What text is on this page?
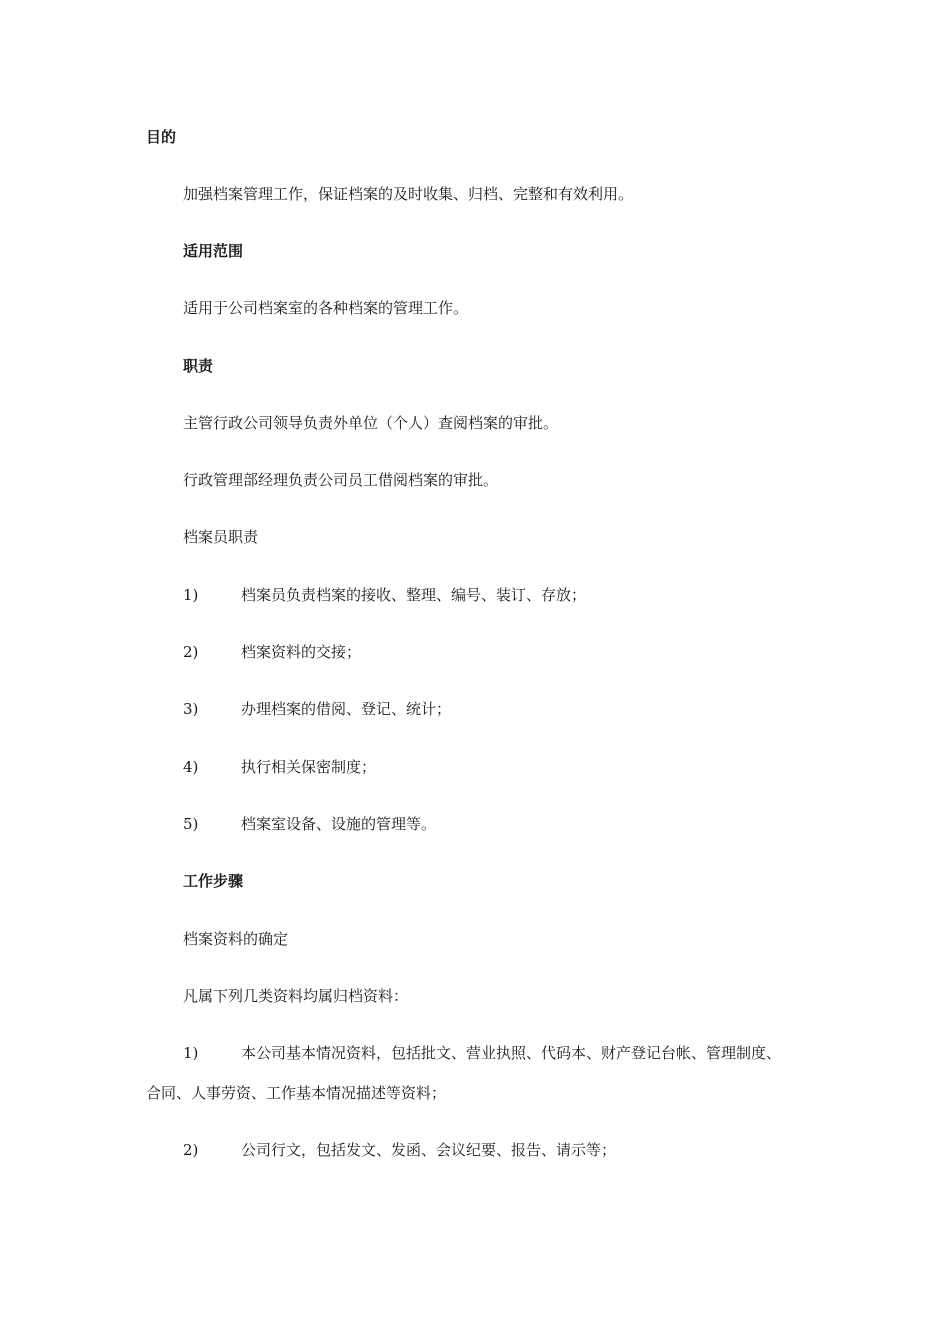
目的
加强档案管理工作，保证档案的及时收集、归档、完整和有效利用。
适用范围
适用于公司档案室的各种档案的管理工作。
职责
主管行政公司领导负责外单位（个人）查阅档案的审批。
行政管理部经理负责公司员工借阅档案的审批。
档案员职责
1)	档案员负责档案的接收、整理、编号、装订、存放；
2)	档案资料的交接；
3)	办理档案的借阅、登记、统计；
4)	执行相关保密制度；
5)	档案室设备、设施的管理等。
工作步骤
档案资料的确定
凡属下列几类资料均属归档资料：
1)	本公司基本情况资料，包括批文、营业执照、代码本、财产登记台帐、管理制度、
合同、人事劳资、工作基本情况描述等资料；
2)	公司行文，包括发文、发函、会议纪要、报告、请示等；
